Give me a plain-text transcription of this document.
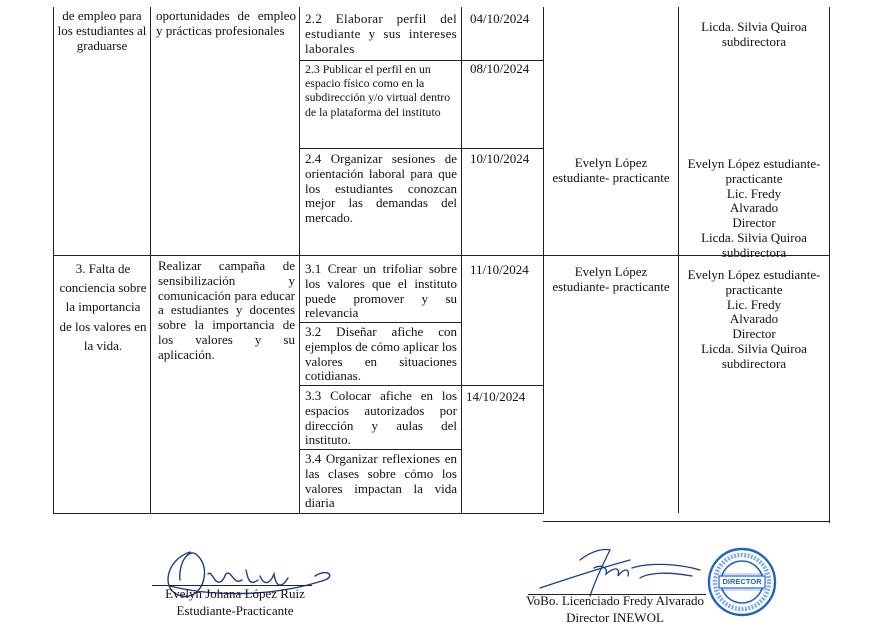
de empleo para los estudiantes al graduarse
oportunidades de empleo y prácticas profesionales
2.2 Elaborar perfil del estudiante y sus intereses laborales
04/10/2024
2.3 Publicar el perfil en un espacio físico como en la subdirección y/o virtual dentro de la plataforma del instituto
08/10/2024
2.4 Organizar sesiones de orientación laboral para que los estudiantes conozcan mejor las demandas del mercado.
10/10/2024	Evelyn López estudiante- practicante
Licda. Silvia Quiroa subdirectora
Evelyn López estudiante-practicante
Lic. Fredy Alvarado Director
Licda. Silvia Quiroa subdirectora
3. Falta de conciencia sobre la importancia de los valores en la vida.
Realizar campaña de sensibilización y comunicación para educar a estudiantes y docentes sobre la importancia de los valores y su aplicación.
3.1 Crear un trifoliar sobre los valores que el instituto puede promover y su relevancia
11/10/2024
3.2 Diseñar afiche con ejemplos de cómo aplicar los valores en situaciones cotidianas.
3.3 Colocar afiche en los espacios autorizados por dirección y aulas del instituto.
14/10/2024
3.4 Organizar reflexiones en las clases sobre cómo los valores impactan la vida diaria
Evelyn López estudiante- practicante
Evelyn López estudiante-practicante
Lic. Fredy Alvarado Director
Licda. Silvia Quiroa subdirectora
Evelyn Johana López Ruiz
Estudiante-Practicante
VoBo. Licenciado Fredy Alvarado
Director INEWOL
DIRECTOR
